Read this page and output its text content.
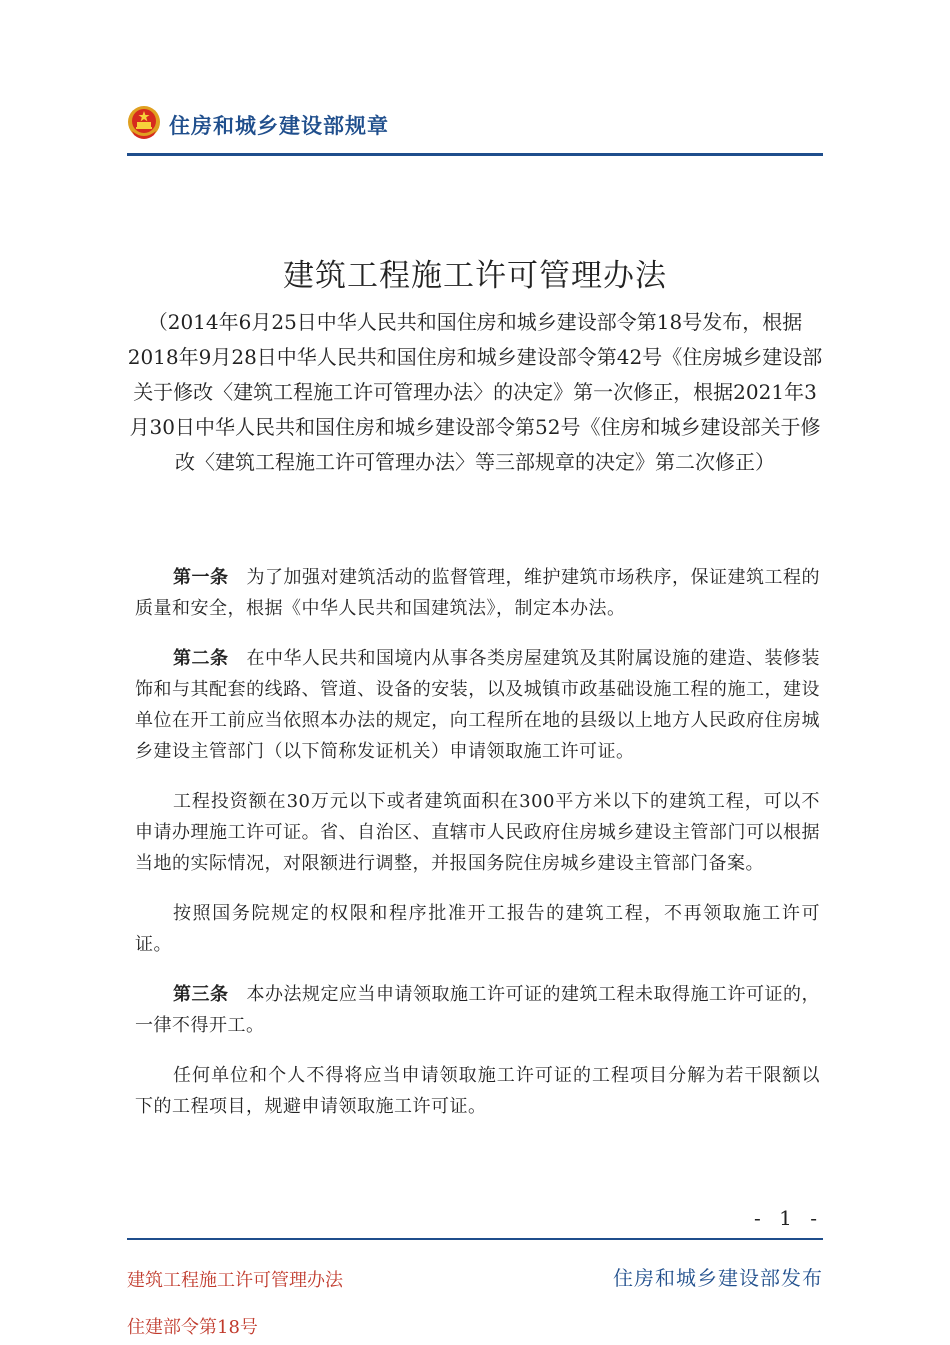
住房和城乡建设部规章
建筑工程施工许可管理办法
（2014年6月25日中华人民共和国住房和城乡建设部令第18号发布，根据2018年9月28日中华人民共和国住房和城乡建设部令第42号《住房城乡建设部关于修改〈建筑工程施工许可管理办法〉的决定》第一次修正，根据2021年3月30日中华人民共和国住房和城乡建设部令第52号《住房和城乡建设部关于修改〈建筑工程施工许可管理办法〉等三部规章的决定》第二次修正）

第一条 为了加强对建筑活动的监督管理，维护建筑市场秩序，保证建筑工程的质量和安全，根据《中华人民共和国建筑法》，制定本办法。

第二条 在中华人民共和国境内从事各类房屋建筑及其附属设施的建造、装修装饰和与其配套的线路、管道、设备的安装，以及城镇市政基础设施工程的施工，建设单位在开工前应当依照本办法的规定，向工程所在地的县级以上地方人民政府住房城乡建设主管部门（以下简称发证机关）申请领取施工许可证。

工程投资额在30万元以下或者建筑面积在300平方米以下的建筑工程，可以不申请办理施工许可证。省、自治区、直辖市人民政府住房城乡建设主管部门可以根据当地的实际情况，对限额进行调整，并报国务院住房城乡建设主管部门备案。

按照国务院规定的权限和程序批准开工报告的建筑工程，不再领取施工许可证。

第三条 本办法规定应当申请领取施工许可证的建筑工程未取得施工许可证的，一律不得开工。

任何单位和个人不得将应当申请领取施工许可证的工程项目分解为若干限额以下的工程项目，规避申请领取施工许可证。

- 1 -
建筑工程施工许可管理办法
住建部令第18号
住房和城乡建设部发布
